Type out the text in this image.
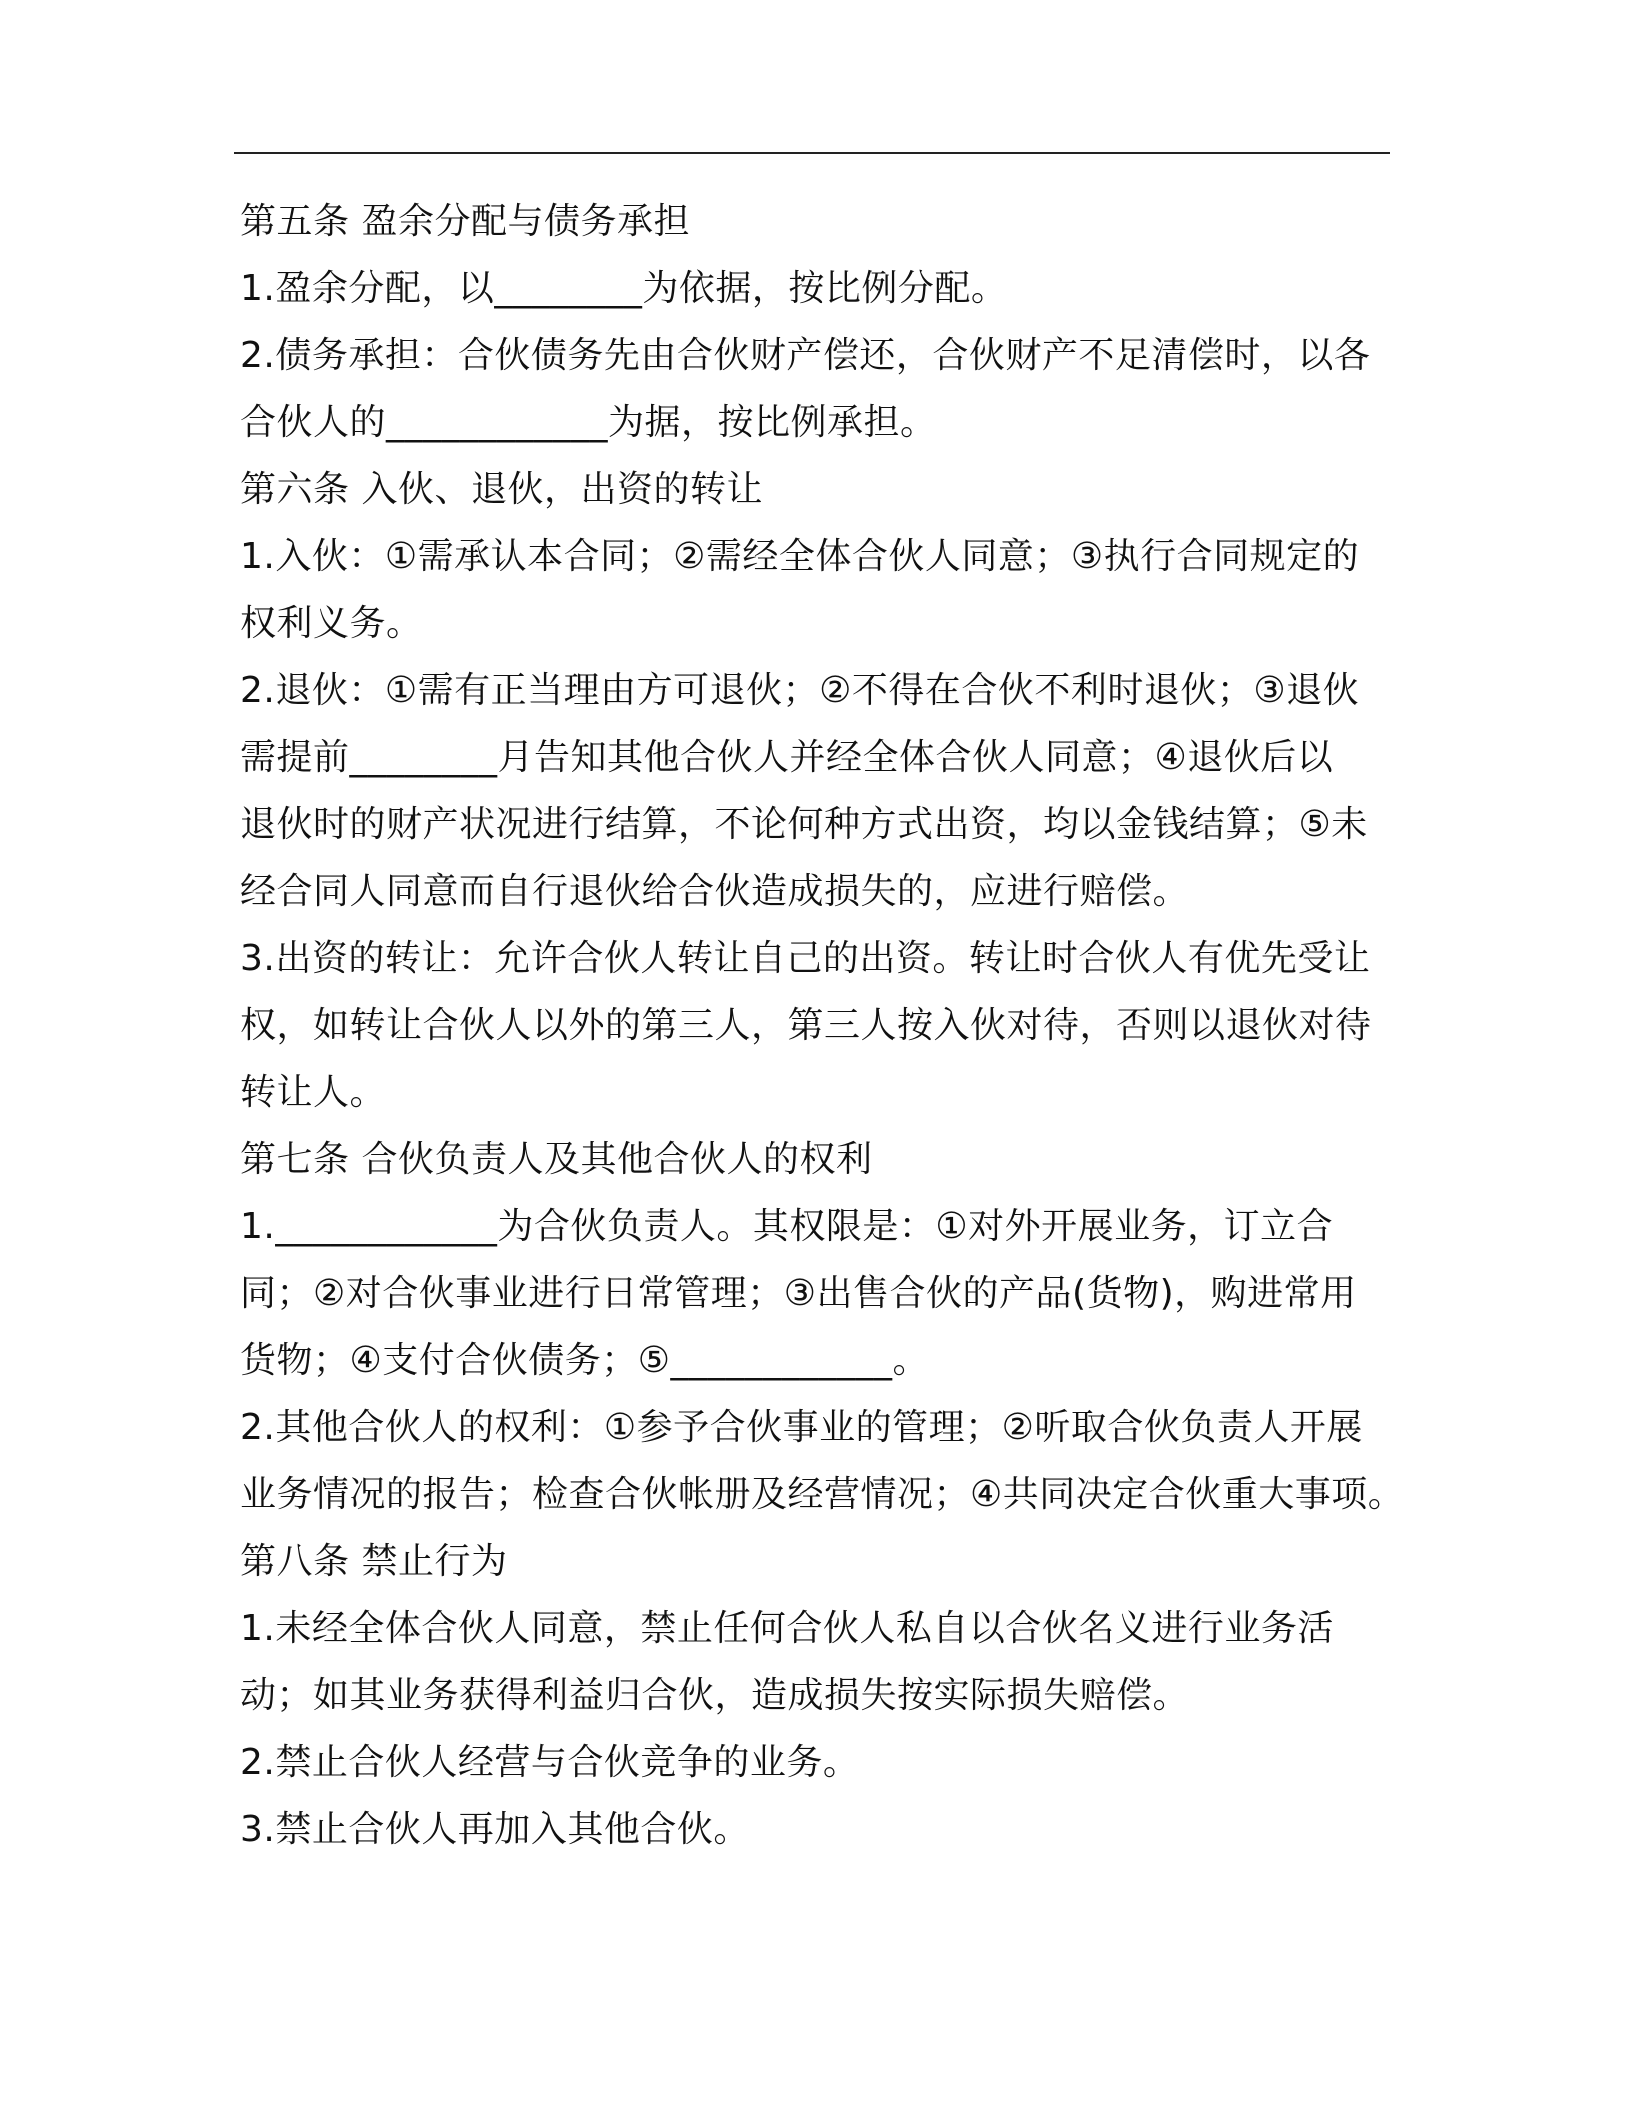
第五条 盈余分配与债务承担
1.盈余分配，以________为依据，按比例分配。
2.债务承担：合伙债务先由合伙财产偿还，合伙财产不足清偿时，以各
合伙人的____________为据，按比例承担。
第六条 入伙、退伙，出资的转让
1.入伙：①需承认本合同；②需经全体合伙人同意；③执行合同规定的
权利义务。
2.退伙：①需有正当理由方可退伙；②不得在合伙不利时退伙；③退伙
需提前________月告知其他合伙人并经全体合伙人同意；④退伙后以
退伙时的财产状况进行结算，不论何种方式出资，均以金钱结算；⑤未
经合同人同意而自行退伙给合伙造成损失的，应进行赔偿。
3.出资的转让：允许合伙人转让自己的出资。转让时合伙人有优先受让
权，如转让合伙人以外的第三人，第三人按入伙对待，否则以退伙对待
转让人。
第七条 合伙负责人及其他合伙人的权利
1.____________为合伙负责人。其权限是：①对外开展业务，订立合
同；②对合伙事业进行日常管理；③出售合伙的产品(货物)，购进常用
货物；④支付合伙债务；⑤____________。
2.其他合伙人的权利：①参予合伙事业的管理；②听取合伙负责人开展
业务情况的报告；检查合伙帐册及经营情况；④共同决定合伙重大事项。
第八条 禁止行为
1.未经全体合伙人同意，禁止任何合伙人私自以合伙名义进行业务活
动；如其业务获得利益归合伙，造成损失按实际损失赔偿。
2.禁止合伙人经营与合伙竞争的业务。
3.禁止合伙人再加入其他合伙。
